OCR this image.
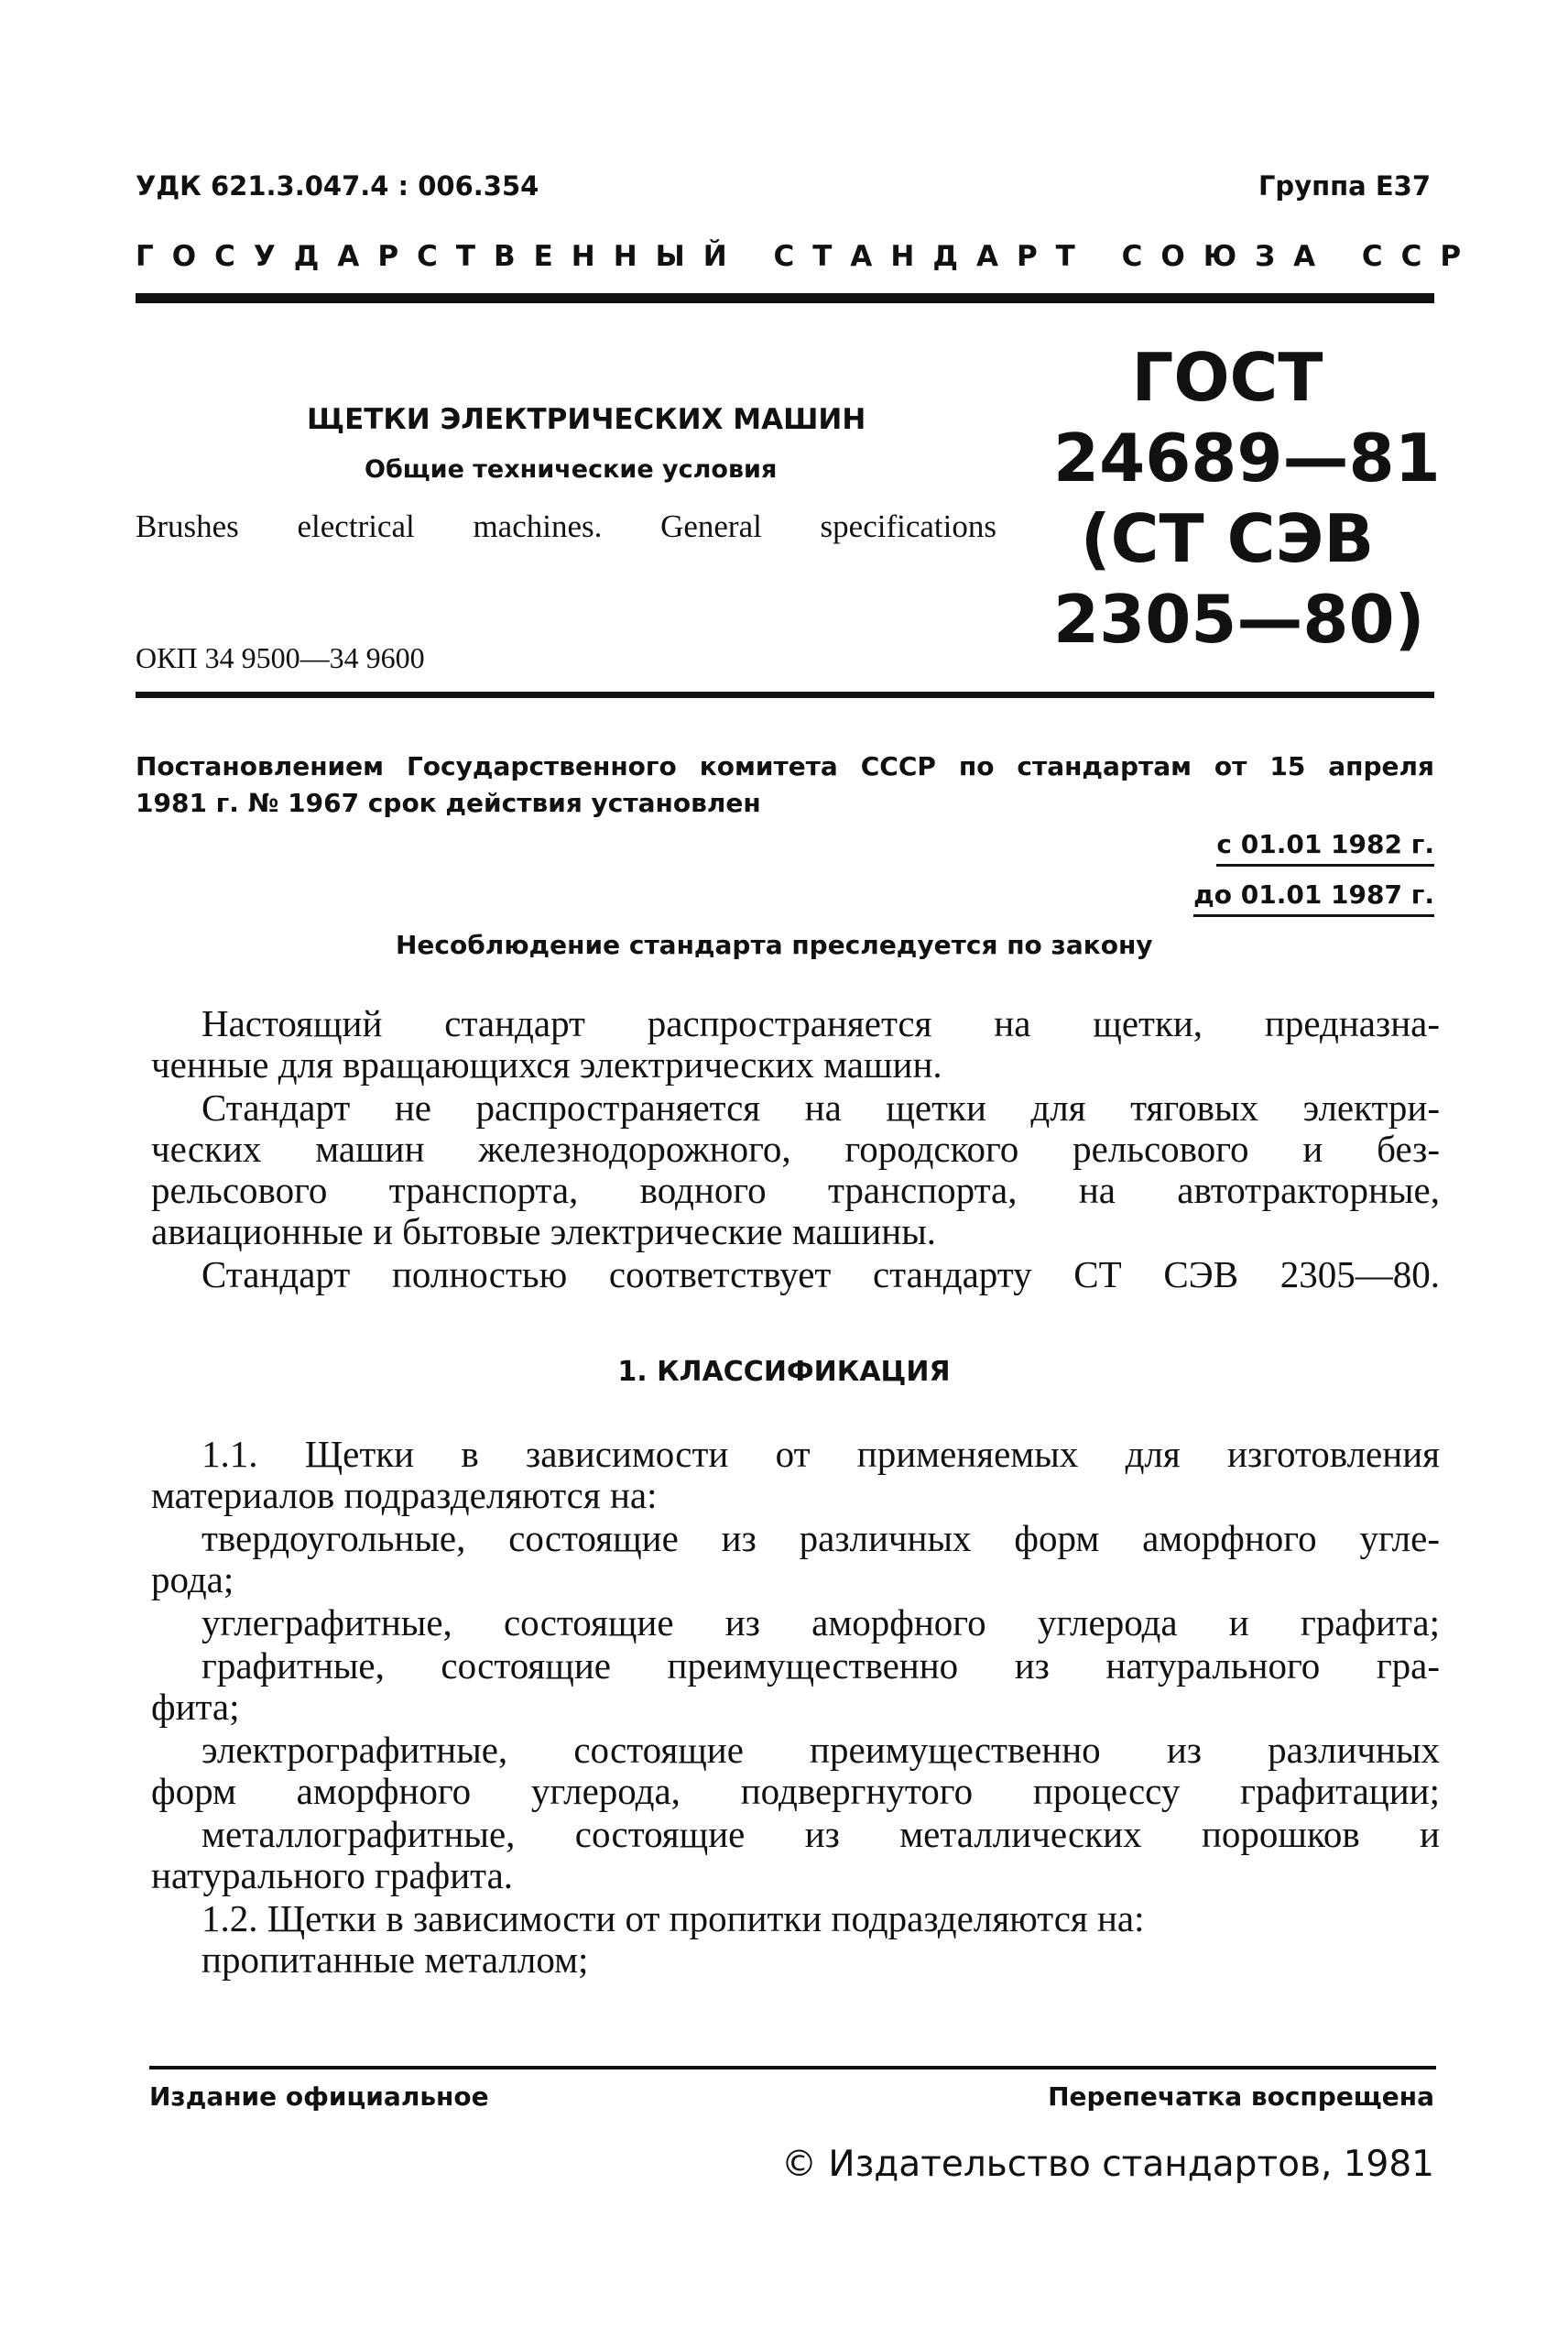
УДК 621.3.047.4 : 006.354	Группа Е37
ГОСУДАРСТВЕННЫЙ СТАНДАРТ СОЮЗА ССР
ЩЕТКИ ЭЛЕКТРИЧЕСКИХ МАШИН
Общие технические условия
Brushes electrical machines. General specifications
ОКП 34 9500—34 9600
ГОСТ
24689—81
(СТ СЭВ
2305—80)
Постановлением Государственного комитета СССР по стандартам от 15 апреля
1981 г. № 1967 срок действия установлен
с 01.01 1982 г.
до 01.01 1987 г.
Несоблюдение стандарта преследуется по закону
Настоящий стандарт распространяется на щетки, предназна-
ченные для вращающихся электрических машин.
Стандарт не распространяется на щетки для тяговых электри-
ческих машин железнодорожного, городского рельсового и без-
рельсового транспорта, водного транспорта, на автотракторные,
авиационные и бытовые электрические машины.
Стандарт полностью соответствует стандарту СТ СЭВ 2305—80.
1. КЛАССИФИКАЦИЯ
1.1. Щетки в зависимости от применяемых для изготовления
материалов подразделяются на:
твердоугольные, состоящие из различных форм аморфного угле-
рода;
углеграфитные, состоящие из аморфного углерода и графита;
графитные, состоящие преимущественно из натурального гра-
фита;
электрографитные, состоящие преимущественно из различных
форм аморфного углерода, подвергнутого процессу графитации;
металлографитные, состоящие из металлических порошков и
натурального графита.
1.2. Щетки в зависимости от пропитки подразделяются на:
пропитанные металлом;
Издание официальное	Перепечатка воспрещена
© Издательство стандартов, 1981
